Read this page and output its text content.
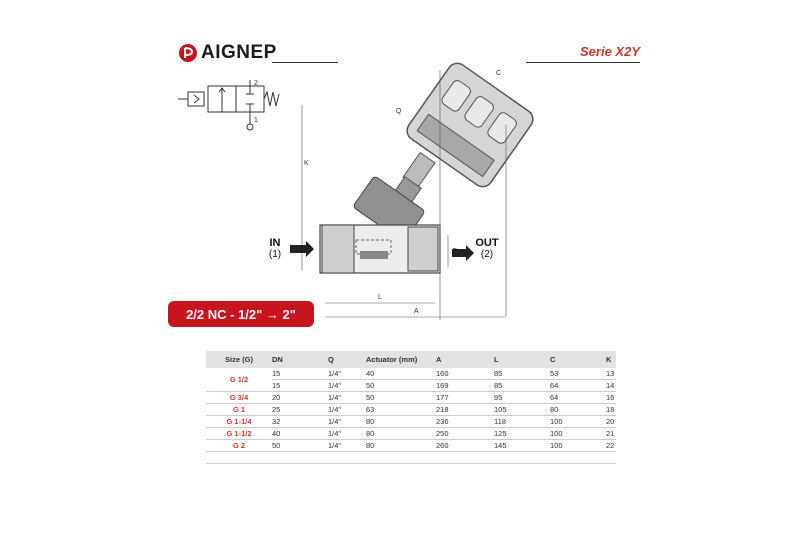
AIGNEP	Serie X2Y
2
1
C
Q
K
L
A
IN
(1)
OUT
(2)
2/2 NC - 1/2" → 2"
Size (G)	DN	Q	Actuator (mm)	A	L	C	K
G 1/2	15	1/4"	40	160	85	53	13
	15	1/4"	50	169	85	64	14
G 3/4	20	1/4"	50	177	95	64	16
G 1	25	1/4"	63	218	105	80	18
G 1-1/4	32	1/4"	80	236	118	100	20
G 1-1/2	40	1/4"	80	250	125	100	21
G 2	50	1/4"	80	260	145	100	22
